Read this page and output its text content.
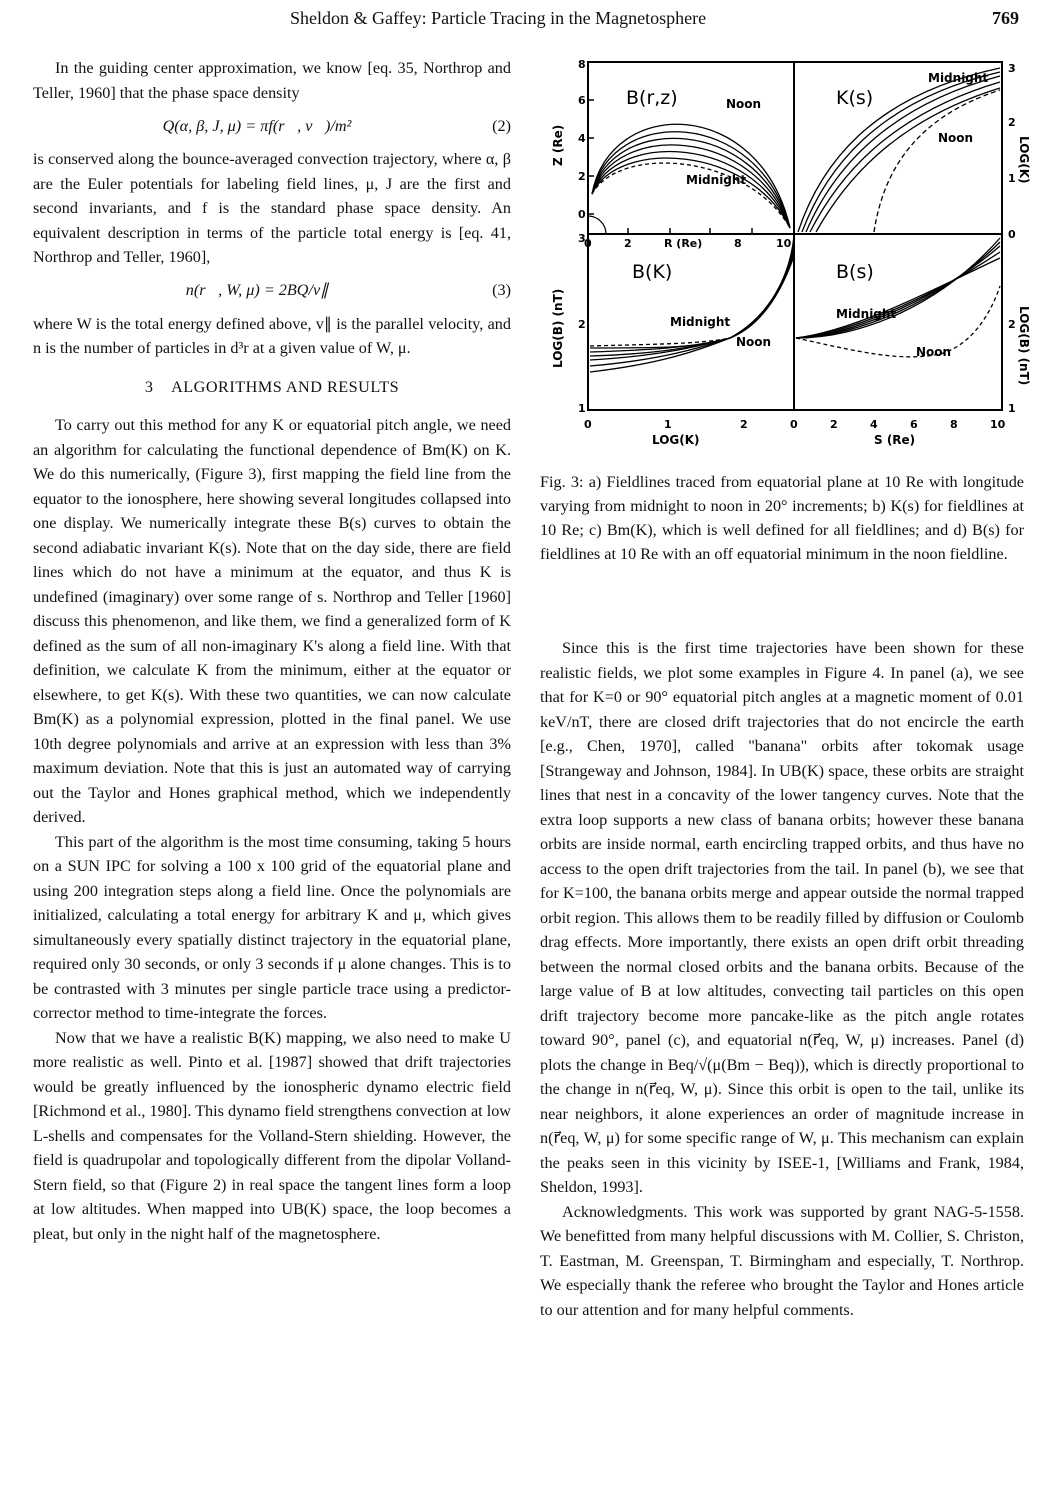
Sheldon & Gaffey: Particle Tracing in the Magnetosphere	769

In the guiding center approximation, we know [eq. 35, Northrop and Teller, 1960] that the phase space density

Q(α, β, J, μ) = πf(r⃗, v⃗)/m²	(2)

is conserved along the bounce-averaged convection trajectory, where α, β are the Euler potentials for labeling field lines, μ, J are the first and second invariants, and f is the standard phase space density. An equivalent description in terms of the particle total energy is [eq. 41, Northrop and Teller, 1960],

n(r⃗, W, μ) = 2BQ/v∥	(3)

where W is the total energy defined above, v∥ is the parallel velocity, and n is the number of particles in d³r at a given value of W, μ.

3 ALGORITHMS AND RESULTS

To carry out this method for any K or equatorial pitch angle, we need an algorithm for calculating the functional dependence of Bm(K) on K. We do this numerically, (Figure 3), first mapping the field line from the equator to the ionosphere, here showing several longitudes collapsed into one display. We numerically integrate these B(s) curves to obtain the second adiabatic invariant K(s). Note that on the day side, there are field lines which do not have a minimum at the equator, and thus K is undefined (imaginary) over some range of s. Northrop and Teller [1960] discuss this phenomenon, and like them, we find a generalized form of K defined as the sum of all non-imaginary K's along a field line. With that definition, we calculate K from the minimum, either at the equator or elsewhere, to get K(s). With these two quantities, we can now calculate Bm(K) as a polynomial expression, plotted in the final panel. We use 10th degree polynomials and arrive at an expression with less than 3% maximum deviation. Note that this is just an automated way of carrying out the Taylor and Hones graphical method, which we independently derived.

This part of the algorithm is the most time consuming, taking 5 hours on a SUN IPC for solving a 100 x 100 grid of the equatorial plane and using 200 integration steps along a field line. Once the polynomials are initialized, calculating a total energy for arbitrary K and μ, which gives simultaneously every spatially distinct trajectory in the equatorial plane, required only 30 seconds, or only 3 seconds if μ alone changes. This is to be contrasted with 3 minutes per single particle trace using a predictor-corrector method to time-integrate the forces.

Now that we have a realistic B(K) mapping, we also need to make U more realistic as well. Pinto et al. [1987] showed that drift trajectories would be greatly influenced by the ionospheric dynamo electric field [Richmond et al., 1980]. This dynamo field strengthens convection at low L-shells and compensates for the Volland-Stern shielding. However, the field is quadrupolar and topologically different from the dipolar Volland-Stern field, so that (Figure 2) in real space the tangent lines form a loop at low altitudes. When mapped into UB(K) space, the loop becomes a pleat, but only in the night half of the magnetosphere.

B(r,z)	Noon
Midnight
8
6
4
2
0
Z (Re)
0	2	R (Re)	8	10
K(s)
Midnight
Noon
3
2
1
0
LOG(K)
B(K)
Midnight
Noon
3
2
1
LOG(B) (nT)
0	1	2
LOG(K)
B(s)
Midnight
Noon
2
1
LOG(B) (nT)
0	2	4	6	8	10
S (Re)
Fig. 3: a) Fieldlines traced from equatorial plane at 10 Re with longitude varying from midnight to noon in 20° increments; b) K(s) for fieldlines at 10 Re; c) Bm(K), which is well defined for all fieldlines; and d) B(s) for fieldlines at 10 Re with an off equatorial minimum in the noon fieldline.

Since this is the first time trajectories have been shown for these realistic fields, we plot some examples in Figure 4. In panel (a), we see that for K=0 or 90° equatorial pitch angles at a magnetic moment of 0.01 keV/nT, there are closed drift trajectories that do not encircle the earth [e.g., Chen, 1970], called "banana" orbits after tokomak usage [Strangeway and Johnson, 1984]. In UB(K) space, these orbits are straight lines that nest in a concavity of the lower tangency curves. Note that the extra loop supports a new class of banana orbits; however these banana orbits are inside normal, earth encircling trapped orbits, and thus have no access to the open drift trajectories from the tail. In panel (b), we see that for K=100, the banana orbits merge and appear outside the normal trapped orbit region. This allows them to be readily filled by diffusion or Coulomb drag effects. More importantly, there exists an open drift orbit threading between the normal closed orbits and the banana orbits. Because of the large value of B at low altitudes, convecting tail particles on this open drift trajectory become more pancake-like as the pitch angle rotates toward 90°, panel (c), and equatorial n(r⃗eq, W, μ) increases. Panel (d) plots the change in Beq/√(μ(Bm − Beq)), which is directly proportional to the change in n(r⃗eq, W, μ). Since this orbit is open to the tail, unlike its near neighbors, it alone experiences an order of magnitude increase in n(r⃗eq, W, μ) for some specific range of W, μ. This mechanism can explain the peaks seen in this vicinity by ISEE-1, [Williams and Frank, 1984, Sheldon, 1993].

Acknowledgments. This work was supported by grant NAG-5-1558. We benefitted from many helpful discussions with M. Collier, S. Christon, T. Eastman, M. Greenspan, T. Birmingham and especially, T. Northrop. We especially thank the referee who brought the Taylor and Hones article to our attention and for many helpful comments.
